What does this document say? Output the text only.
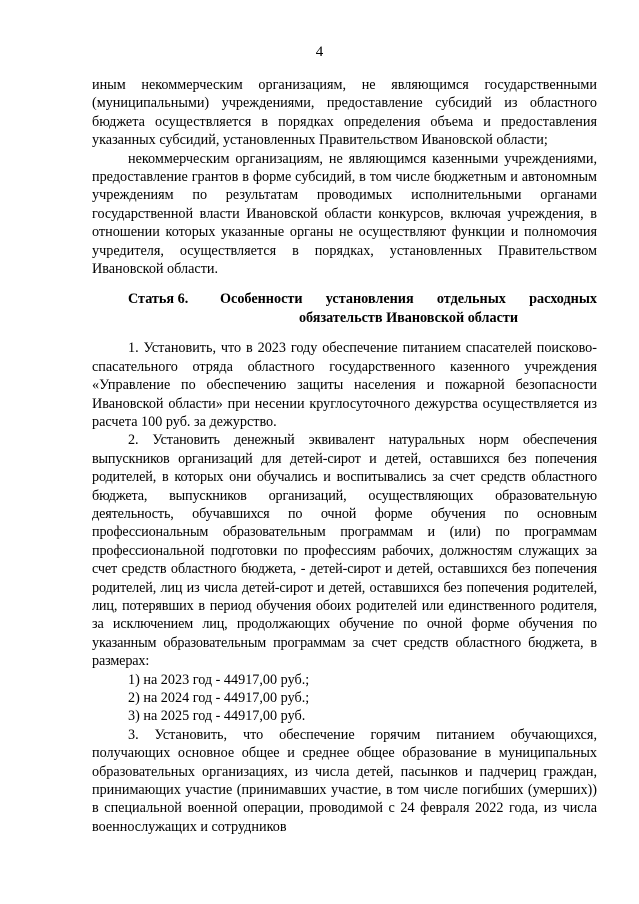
4

иным некоммерческим организациям, не являющимся государственными (муниципальными) учреждениями, предоставление субсидий из областного бюджета осуществляется в порядках определения объема и предоставления указанных субсидий, установленных Правительством Ивановской области;

некоммерческим организациям, не являющимся казенными учреждениями, предоставление грантов в форме субсидий, в том числе бюджетным и автономным учреждениям по результатам проводимых исполнительными органами государственной власти Ивановской области конкурсов, включая учреждения, в отношении которых указанные органы не осуществляют функции и полномочия учредителя, осуществляется в порядках, установленных Правительством Ивановской области.

Статья 6.	Особенности установления отдельных расходных
обязательств Ивановской области

1. Установить, что в 2023 году обеспечение питанием спасателей поисково-спасательного отряда областного государственного казенного учреждения «Управление по обеспечению защиты населения и пожарной безопасности Ивановской области» при несении круглосуточного дежурства осуществляется из расчета 100 руб. за дежурство.

2. Установить денежный эквивалент натуральных норм обеспечения выпускников организаций для детей-сирот и детей, оставшихся без попечения родителей, в которых они обучались и воспитывались за счет средств областного бюджета, выпускников организаций, осуществляющих образовательную деятельность, обучавшихся по очной форме обучения по основным профессиональным образовательным программам и (или) по программам профессиональной подготовки по профессиям рабочих, должностям служащих за счет средств областного бюджета, - детей-сирот и детей, оставшихся без попечения родителей, лиц из числа детей-сирот и детей, оставшихся без попечения родителей, лиц, потерявших в период обучения обоих родителей или единственного родителя, за исключением лиц, продолжающих обучение по очной форме обучения по указанным образовательным программам за счет средств областного бюджета, в размерах:

1) на 2023 год - 44917,00 руб.;

2) на 2024 год - 44917,00 руб.;

3) на 2025 год - 44917,00 руб.

3. Установить, что обеспечение горячим питанием обучающихся, получающих основное общее и среднее общее образование в муниципальных образовательных организациях, из числа детей, пасынков и падчериц граждан, принимающих участие (принимавших участие, в том числе погибших (умерших)) в специальной военной операции, проводимой с 24 февраля 2022 года, из числа военнослужащих и сотрудников
